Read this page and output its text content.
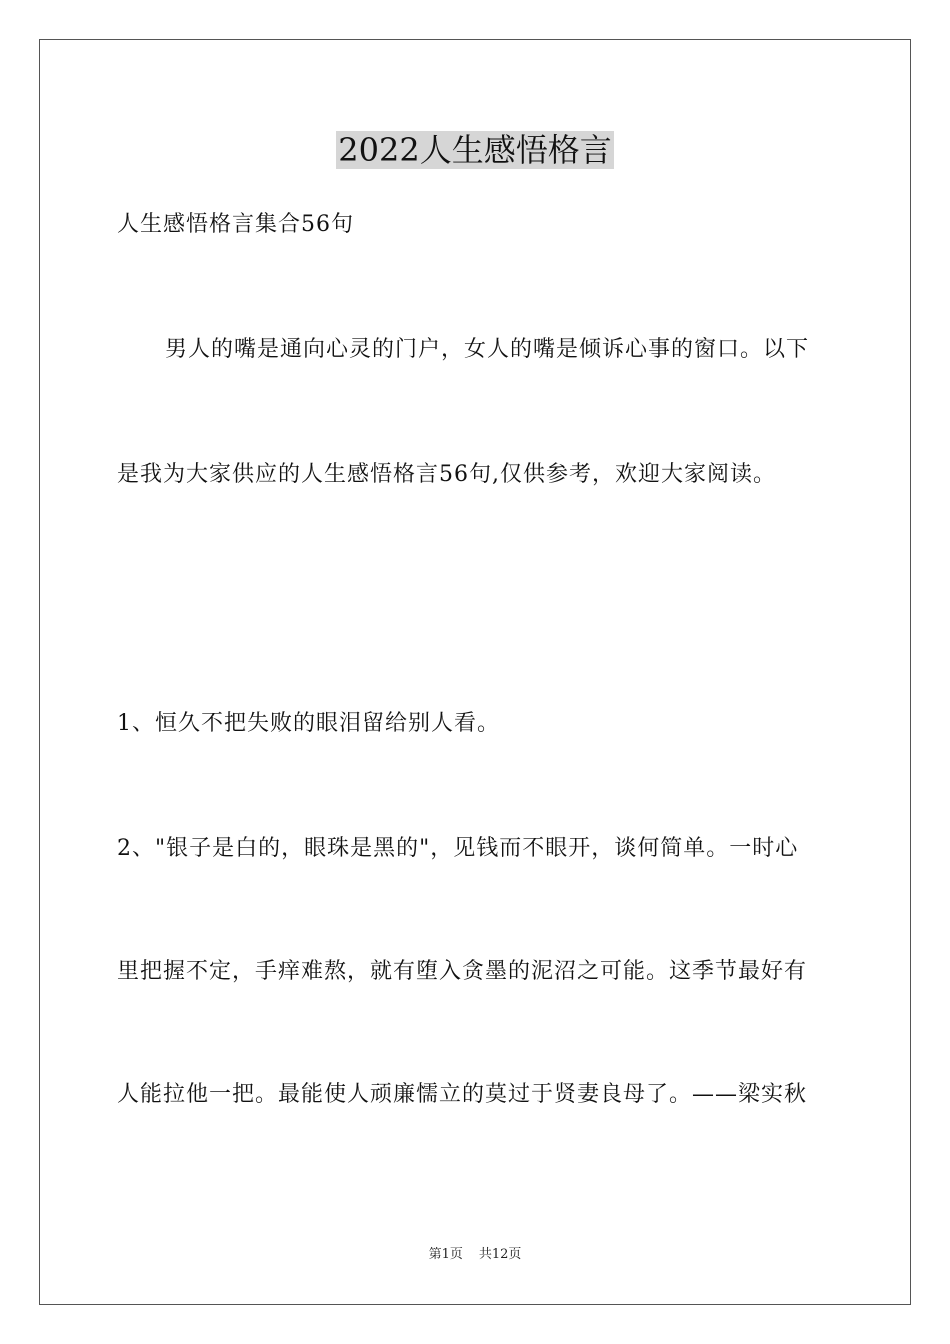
2022人生感悟格言
人生感悟格言集合56句
男人的嘴是通向心灵的门户，女人的嘴是倾诉心事的窗口。以下
是我为大家供应的人生感悟格言56句,仅供参考，欢迎大家阅读。
1、恒久不把失败的眼泪留给别人看。
2、"银子是白的，眼珠是黑的"，见钱而不眼开，谈何简单。一时心
里把握不定，手痒难熬，就有堕入贪墨的泥沼之可能。这季节最好有
人能拉他一把。最能使人顽廉懦立的莫过于贤妻良母了。——梁实秋
第1页 共12页
